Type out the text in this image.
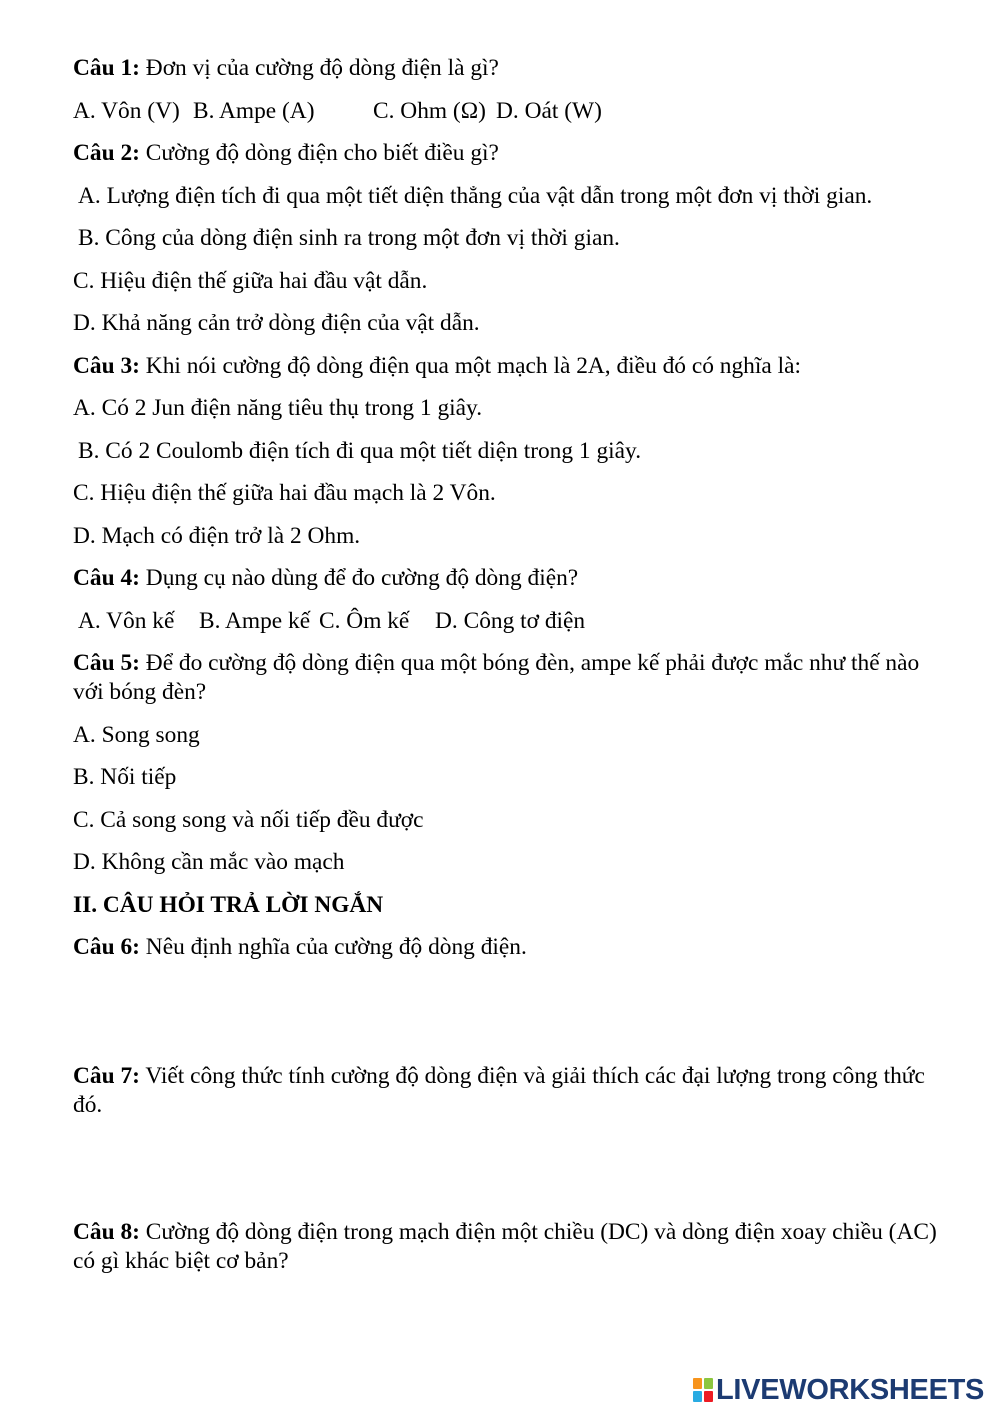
Câu 1: Đơn vị của cường độ dòng điện là gì?

A. Vôn (V) B. Ampe (A)	C. Ohm (Ω) D. Oát (W)

Câu 2: Cường độ dòng điện cho biết điều gì?

A. Lượng điện tích đi qua một tiết diện thẳng của vật dẫn trong một đơn vị thời gian.

B. Công của dòng điện sinh ra trong một đơn vị thời gian.

C. Hiệu điện thế giữa hai đầu vật dẫn.

D. Khả năng cản trở dòng điện của vật dẫn.

Câu 3: Khi nói cường độ dòng điện qua một mạch là 2A, điều đó có nghĩa là:

A. Có 2 Jun điện năng tiêu thụ trong 1 giây.

B. Có 2 Coulomb điện tích đi qua một tiết diện trong 1 giây.

C. Hiệu điện thế giữa hai đầu mạch là 2 Vôn.

D. Mạch có điện trở là 2 Ohm.

Câu 4: Dụng cụ nào dùng để đo cường độ dòng điện?

A. Vôn kế B. Ampe kế C. Ôm kế D. Công tơ điện

Câu 5: Để đo cường độ dòng điện qua một bóng đèn, ampe kế phải được mắc như thế nào với bóng đèn?

A. Song song

B. Nối tiếp

C. Cả song song và nối tiếp đều được

D. Không cần mắc vào mạch

II. CÂU HỎI TRẢ LỜI NGẮN

Câu 6: Nêu định nghĩa của cường độ dòng điện.

Câu 7: Viết công thức tính cường độ dòng điện và giải thích các đại lượng trong công thức đó.

Câu 8: Cường độ dòng điện trong mạch điện một chiều (DC) và dòng điện xoay chiều (AC) có gì khác biệt cơ bản?

LIVEWORKSHEETS
